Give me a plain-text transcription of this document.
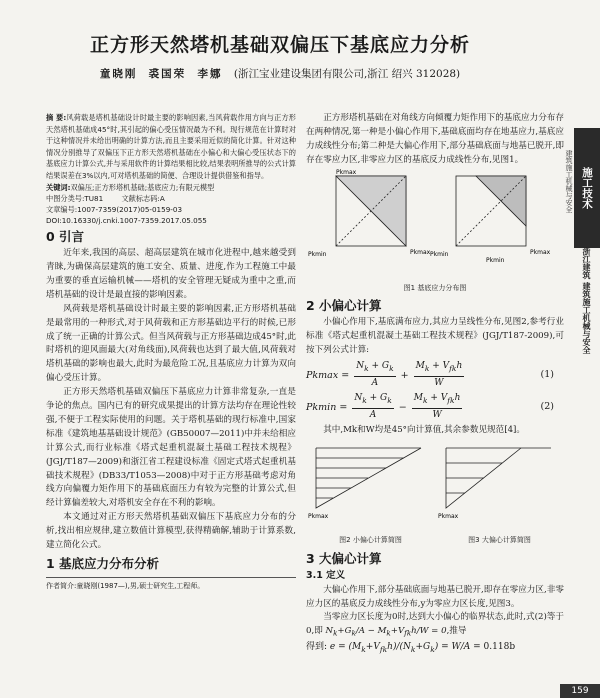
正方形天然塔机基础双偏压下基底应力分析
童晓刚 裘国荣 李娜 (浙江宝业建设集团有限公司,浙江 绍兴 312028)
施工技术
建筑施工机械与安全
浙江建筑 建筑施工机械与安全
摘 要:风荷载是塔机基础设计时最主要的影响因素,当风荷载作用方向与正方形天然塔机基础成45°时,其引起的偏心受压情况最为不利。现行规范在计算时对于这种情况并未给出明确的计算方法,而且主要采用近似的简化计算。针对这种情况分别推导了双偏压下正方形天然塔机基础在小偏心和大偏心受压状态下的基底应力计算公式,并与采用软件的计算结果相比较,结果表明所推导的公式计算结果误差在3%以内,可对塔机基础的简便、合理设计提供借鉴和指导。
关键词:双偏压;正方形塔机基础;基底应力;有限元模型
中图分类号:TU81	文献标志码:A
文章编号:1007-7359(2017)05-0159-03
DOI:10.16330/j.cnki.1007-7359.2017.05.055
0 引言

近年来,我国的高层、超高层建筑在城市化进程中,越来越受到青睐,为确保高层建筑的施工安全、质量、进度,作为工程施工中最为重要的垂直运输机械——塔机的安全管理无疑成为重中之重,而塔机基础的设计是最直接的影响因素。

风荷载是塔机基础设计时最主要的影响因素,正方形塔机基础是最常用的一种形式,对于风荷载和正方形基础边平行的时候,已形成了统一正确的计算公式。但当风荷载与正方形基础边成45°时,此时塔机的迎风面最大(对角线面),风荷载也达到了最大值,风荷载对塔机基础的影响也最大,此时为最危险工况,且基底应力计算为双向偏心受压计算。

正方形天然塔机基础双偏压下基底应力计算非常复杂,一直是争论的焦点。国内已有的研究成果提出的计算方法均存在理论性较强,不便于工程实际使用的问题。关于塔机基础的现行标准中,国家标准《建筑地基基础设计规范》(GB50007—2011)中并未给相应计算公式,而行业标准《塔式起重机混凝土基础工程技术规程》(JGJ/T187—2009)和浙江省工程建设标准《固定式塔式起重机基础技术规程》(DB33/T1053—2008)中对于正方形基础考虑对角线方向偏覆力矩作用下的基础底面压力有较为完整的计算公式,但经计算偏差较大,对塔机安全存在不利的影响。

本文通过对正方形天然塔机基础双偏压下基底应力分布的分析,找出相应规律,建立数值计算模型,获得精确解,辅助于计算系数,建立简化公式。

1 基底应力分布分析
作者简介:童晓刚(1987—),男,硕士研究生,工程师。

正方形塔机基础在对角线方向倾覆力矩作用下的基底应力分布存在两种情况,第一种是小偏心作用下,基础底面均存在地基应力,基底应力成线性分布;第二种是大偏心作用下,部分基础底面与地基已脱开,即存在零应力区,非零应力区的基底反力成线性分布,见图1。

Pkmax
Pkmin	Pkmax Pkmin
Pkmin
Pkmax
图1 基底应力分布图
2 小偏心计算

小偏心作用下,基底满布应力,其应力呈线性分布,见图2,参考行业标准《塔式起重机混凝土基础工程技术规程》(JGJ/T187-2009),可按下列公式计算:

$Pkmax = \frac{N_k + G_k}{A} + \frac{M_k + V_{fk}h}{W}$	(1)
$Pkmin = \frac{N_k + G_k}{A} - \frac{M_k + V_{fk}h}{W}$	(2)

其中,Mk和W均是45°向计算值,其余参数见规范[4]。

Pkmax	Pkmax
图2 小偏心计算简图	图3 大偏心计算简图
3 大偏心计算
3.1 定义

大偏心作用下,部分基础底面与地基已脱开,即存在零应力区,非零应力区的基底反力成线性分布,y为零应力区长度,见图3。

当零应力区长度为0时,达到大小偏心的临界状态,此时,式(2)等于0,即 $N_k+G_k/A - M_k+V_{fk}h/W = 0$,推导

得到: $e = (M_k+V_{fk}h)/(N_k+G_k) = W/A = 0.118b$
159
